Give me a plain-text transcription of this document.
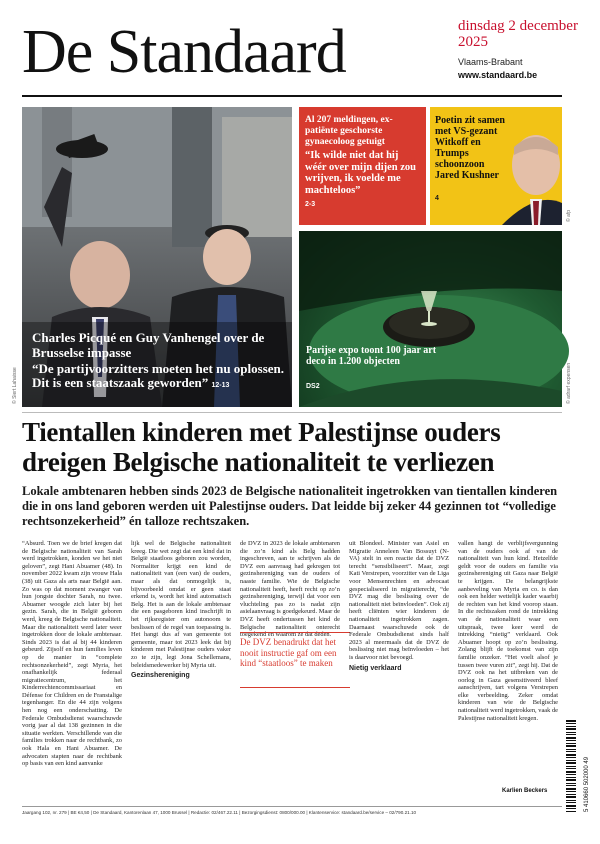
De Standaard	dinsdag 2 december 2025
Vlaams-Brabant
www.standaard.be
Charles Picqué en Guy Vanhengel over de Brusselse impasse
“De partijvoorzitters moeten het nu oplossen. Dit is een staatszaak geworden” 12-13
© Siert Lahaisse
Al 207 meldingen, ex-patiënte geschorste gynaecoloog getuigt
“Ik wilde niet dat hij wéér over mijn dijen zou wrijven, ik voelde me machteloos”
2-3
Poetin zit samen met VS-gezant Witkoff en Trumps schoonzoon Jared Kushner
4
© afp
Parijse expo toont 100 jaar art deco in 1.200 objecten
DS2	© adrarf expensen
Tientallen kinderen met Palestijnse ouders dreigen Belgische nationaliteit te verliezen
Lokale ambtenaren hebben sinds 2023 de Belgische nationaliteit ingetrokken van tientallen kinderen die in ons land geboren werden uit Palestijnse ouders. Dat leidde bij zeker 44 gezinnen tot “volledige rechtsonzekerheid” én talloze rechtszaken.

“Absurd. Toen we de brief kregen dat de Belgische nationaliteit van Sarah werd ingetrokken, konden we het niet geloven”, zegt Hani Abuamer (48). In november 2022 kwam zijn vrouw Hala (38) uit Gaza als arts naar België aan. Zo was op dat moment zwanger van hun jongste dochter Sarah, nu twee. Abuamer woogde zich later bij het gezin. Sarah, die in België geboren werd, kreeg de Belgische nationaliteit. Maar die nationaliteit werd later weer ingetrokken door de lokale ambtenaar. Sinds 2023 is dat al bij 44 kinderen gebeurd. Zijsolf en hun families leven op de manier in “complete rechtsonzekerheid”, zegt Myria, het onafhankelijk federaal migratiecentrum, het Kinderrechtencommissariaat en Défense for Children en de Franstalige tegenhanger. En die 44 zijn volgens hen nog een onderschatting. De Federale Ombudsdienst waarschuwde vorig jaar al dat 138 gezinnen in die situatie werkten. Verschillende van die families trokken naar de rechtbank, zo ook Hala en Hani Abuamer. De advocaten stapten naar de rechtbank op basis van een kind aanvanke

lijk wel de Belgische nationaliteit kreeg. Die wet zegt dat een kind dat in België staatloos geboren zou worden, Normaliter krijgt een kind de nationaliteit van (een van) de ouders, maar als dat onmogelijk is, bijvoorbeeld omdat er geen staat erkend is, wordt het kind automatisch Belg. Het is aan de lokale ambtenaar die een pasgeboren kind inschrijft in het rijksregister om autonoom te beslissen of de regel van toepassing is. Het hangt dus af van gemeente tot gemeente, maar tot 2023 leek dat bij kinderen met Palestijnse ouders vaker zo te zijn, legt Jona Schellemans, beleidsmedewerker bij Myria uit.

Gezinshereniging

de DVZ in 2023 de lokale ambtenaren die zo’n kind als Belg hadden ingeschreven, aan te schrijven als de DVZ een aanvraag had gekregen tot gezinshereniging van de ouders of naaste familie. Wie de Belgische nationaliteit heeft, heeft recht op zo’n gezinshereniging, terwijl dat voor een vluchteling pas zo is nadat zijn asielaanvraag is goedgekeurd. Maar de DVZ heeft ondertussen het kind de Belgische nationaliteit onterecht toegekend en waarom ze dat deden.

De DVZ benadrukt dat het nooit instructie gaf om een kind “staatloos” te maken

uit Blondeel. Minister van Asiel en Migratie Anneleen Van Bossuyt (N-VA) stelt in een reactie dat de DVZ terecht “sensibiliseert”. Maar, zegt Kati Verstrepen, voorzitter van de Liga voor Mensenrechten en advocaat gespecialiseerd in migratierecht, “de DVZ mag die beslissing over de nationaliteit niet beïnvloeden”. Ook zij heeft cliënten wier kinderen de nationaliteit ingetrokken zagen. Daarnaast waarschuwde ook de Federale Ombudsdienst sinds half 2023 al meermaals dat de DVZ de beslissing niet mag beïnvloeden – het is daarvoor niet bevoegd.

Nietig verklaard

vallen hangt de verblijfsvergunning van de ouders ook af van de nationaliteit van hun kind. Hetzelfde geldt voor de ouders en familie via gezinshereniging uit Gaza naar België te krijgen. De belangrijkste aanbeveling van Myria en co. is dan ook een helder wettelijk kader waarbij de rechten van het kind voorop staan. In die rechtszaken rond de intrekking van de nationaliteit waar een uitspraak, twee keer werd de intrekking “nietig” verklaard. Ook Abuamer hoopt op zo’n beslissing. Zolang blijft de toekomst van zijn familie onzeker. “Het voelt alsof je tussen twee vuren zit”, zegt hij. Dat de DVZ ook na het uitbreken van de oorlog in Gaza gesensitiveerd bleef aanschrijven, tart volgens Verstrepen elke verbeelding. Zeker omdat kinderen van wie de Belgische nationaliteit werd ingetrokken, vaak de Palestijnse nationaliteit kregen.

Karlien Beckers	5 410660 502000 49
Jaargang 102, nr. 279 | BE €4,50 | De Standaard, Kantorenlaan 47, 1000 Brussel | Redactie: 02/467.22.11 | Bezorgingsdienst: 0800/000.00 | Klantenservice: standaard.be/service – 02/790.21.10
